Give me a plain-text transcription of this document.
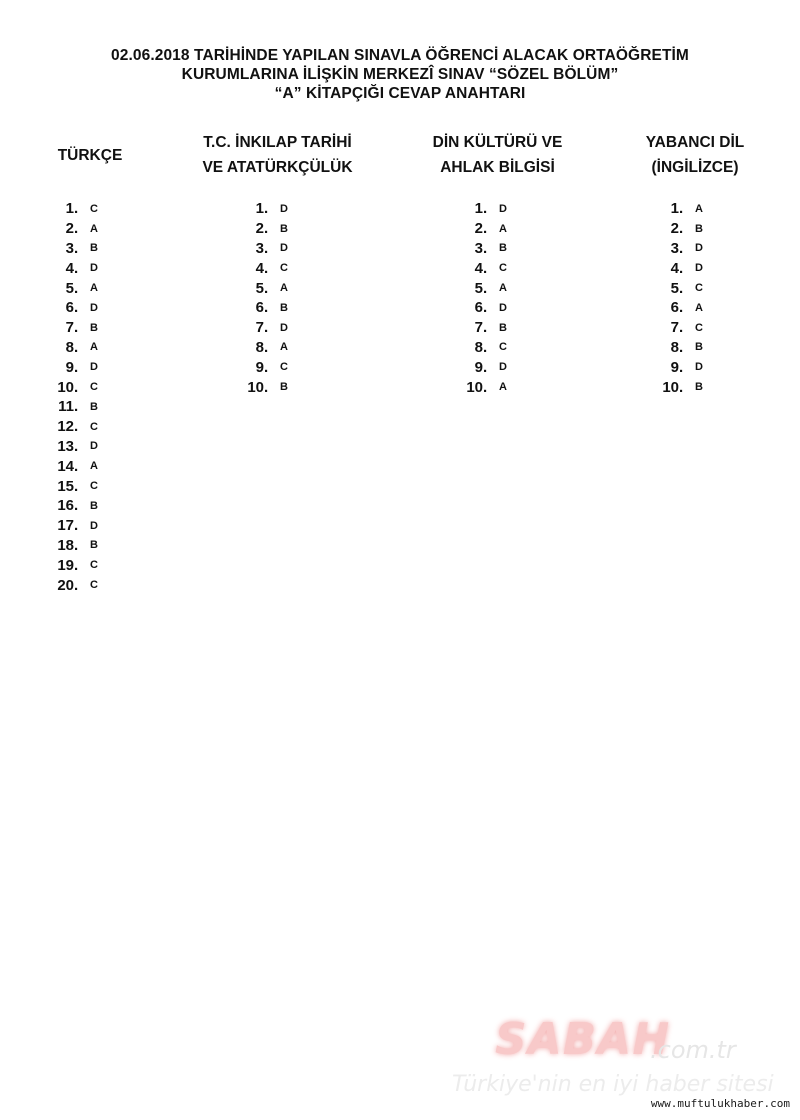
02.06.2018 TARİHİNDE YAPILAN SINAVLA ÖĞRENCİ ALACAK ORTAÖĞRETİM
KURUMLARINA İLİŞKİN MERKEZÎ SINAV “SÖZEL BÖLÜM”
“A” KİTAPÇIĞI CEVAP ANAHTARI
TÜRKÇE
T.C. İNKILAP TARİHİ
VE ATATÜRKÇÜLÜK
DİN KÜLTÜRÜ VE
AHLAK BİLGİSİ
YABANCI DİL
(İNGİLİZCE)
1 .	C
2 .	A
3 .	B
4 .	D
5 .	A
6 .	D
7 .	B
8 .	A
9 .	D
10 .	C
11 .	B
12 .	C
13 .	D
14 .	A
15 .	C
16 .	B
17 .	D
18 .	B
19 .	C
20 .	C
1 .	D
2 .	B
3 .	D
4 .	C
5 .	A
6 .	B
7 .	D
8 .	A
9 .	C
10 .	B
1 .	D
2 .	A
3 .	B
4 .	C
5 .	A
6 .	D
7 .	B
8 .	C
9 .	D
10 .	A
1 .	A
2 .	B
3 .	D
4 .	D
5 .	C
6 .	A
7 .	C
8 .	B
9 .	D
10 .	B
SABAH
.com.tr
Türkiye'nin en iyi haber sitesi
www.muftulukhaber.com
